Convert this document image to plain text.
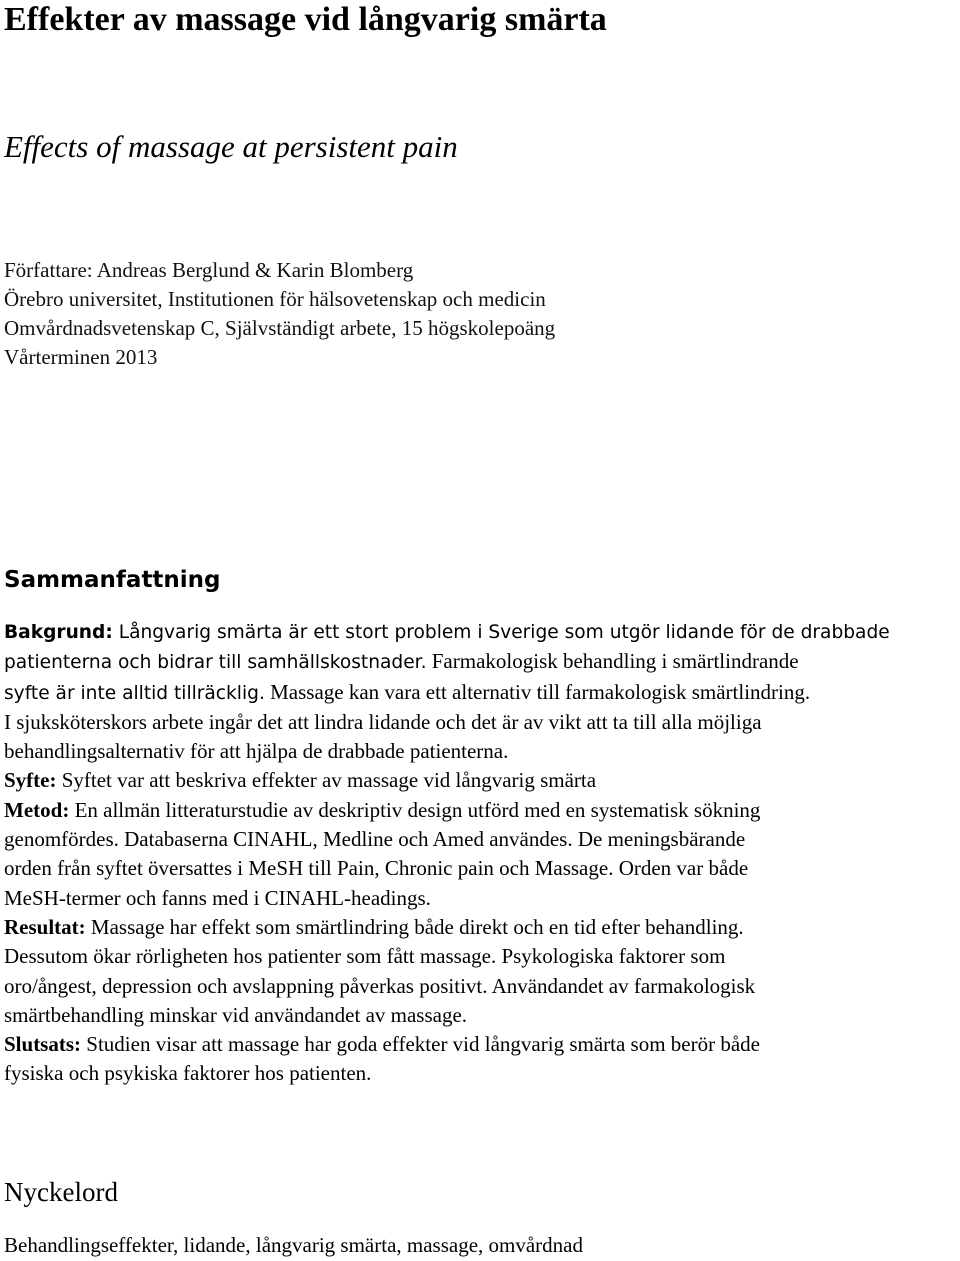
Effekter av massage vid långvarig smärta
Effects of massage at persistent pain
Författare: Andreas Berglund & Karin Blomberg
Örebro universitet, Institutionen för hälsovetenskap och medicin
Omvårdnadsvetenskap C, Självständigt arbete, 15 högskolepoäng
Vårterminen 2013
Sammanfattning
Bakgrund: Långvarig smärta är ett stort problem i Sverige som utgör lidande för de drabbade
patienterna och bidrar till samhällskostnader. Farmakologisk behandling i smärtlindrande
syfte är inte alltid tillräcklig. Massage kan vara ett alternativ till farmakologisk smärtlindring.
I sjuksköterskors arbete ingår det att lindra lidande och det är av vikt att ta till alla möjliga
behandlingsalternativ för att hjälpa de drabbade patienterna.
Syfte: Syftet var att beskriva effekter av massage vid långvarig smärta
Metod: En allmän litteraturstudie av deskriptiv design utförd med en systematisk sökning
genomfördes. Databaserna CINAHL, Medline och Amed användes. De meningsbärande
orden från syftet översattes i MeSH till Pain, Chronic pain och Massage. Orden var både
MeSH-termer och fanns med i CINAHL-headings.
Resultat: Massage har effekt som smärtlindring både direkt och en tid efter behandling.
Dessutom ökar rörligheten hos patienter som fått massage. Psykologiska faktorer som
oro/ångest, depression och avslappning påverkas positivt. Användandet av farmakologisk
smärtbehandling minskar vid användandet av massage.
Slutsats: Studien visar att massage har goda effekter vid långvarig smärta som berör både
fysiska och psykiska faktorer hos patienten.
Nyckelord

Behandlingseffekter, lidande, långvarig smärta, massage, omvårdnad
